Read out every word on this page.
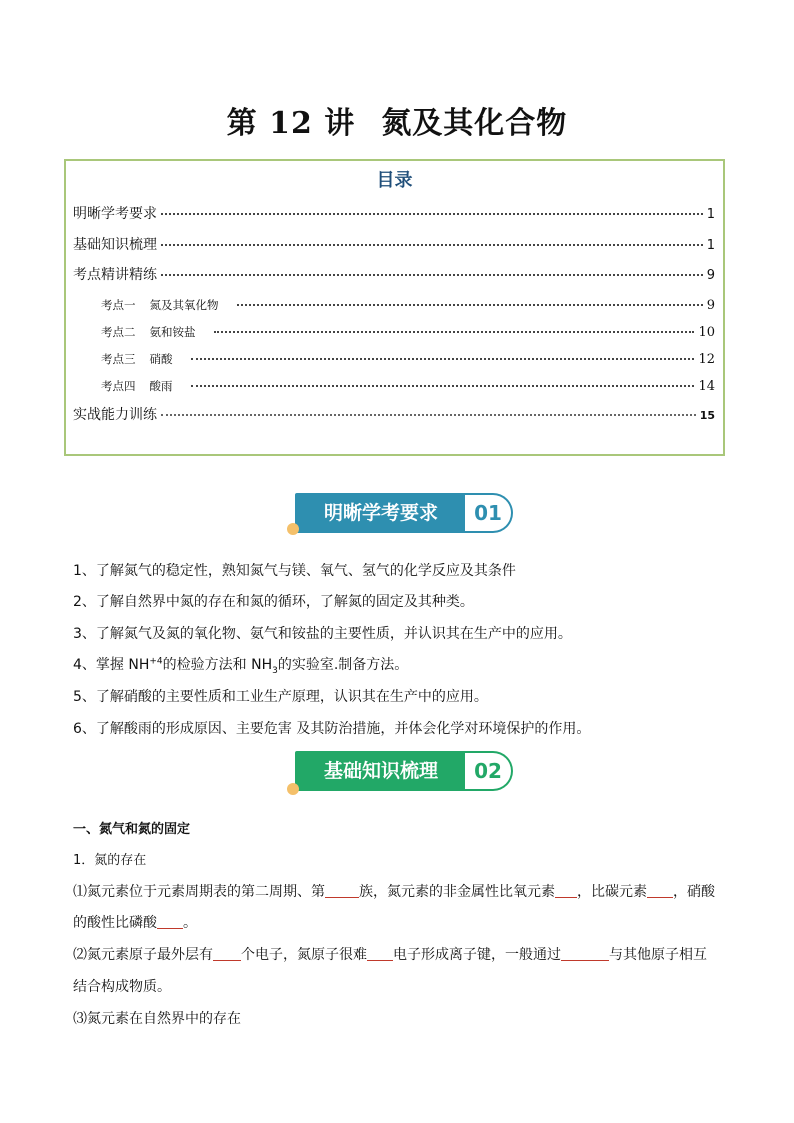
第 12 讲 氮及其化合物
目录
明晰学考要求	1
基础知识梳理	1
考点精讲精练	9
考点一 氮及其氧化物	9
考点二 氨和铵盐	10
考点三 硝酸	12
考点四 酸雨	14
实战能力训练	15
明晰学考要求	01
1、了解氮气的稳定性，熟知氮气与镁、氧气、氢气的化学反应及其条件
2、了解自然界中氮的存在和氮的循环，了解氮的固定及其种类。
3、了解氮气及氮的氧化物、氨气和铵盐的主要性质，并认识其在生产中的应用。
4、掌握 $NH^{+4}$的检验方法和 $NH_3$的实验室.制备方法。
5、了解硝酸的主要性质和工业生产原理，认识其在生产中的应用。
6、了解酸雨的形成原因、主要危害 及其防治措施，并体会化学对环境保护的作用。
基础知识梳理	02
一、氮气和氮的固定
1．氮的存在
⑴氮元素位于元素周期表的第二周期、第 族，氮元素的非金属性比氧元素 ，比碳元素 ，硝酸
的酸性比磷酸 。
⑵氮元素原子最外层有 个电子，氮原子很难 电子形成离子键，一般通过	与其他原子相互
结合构成物质。
⑶氮元素在自然界中的存在
